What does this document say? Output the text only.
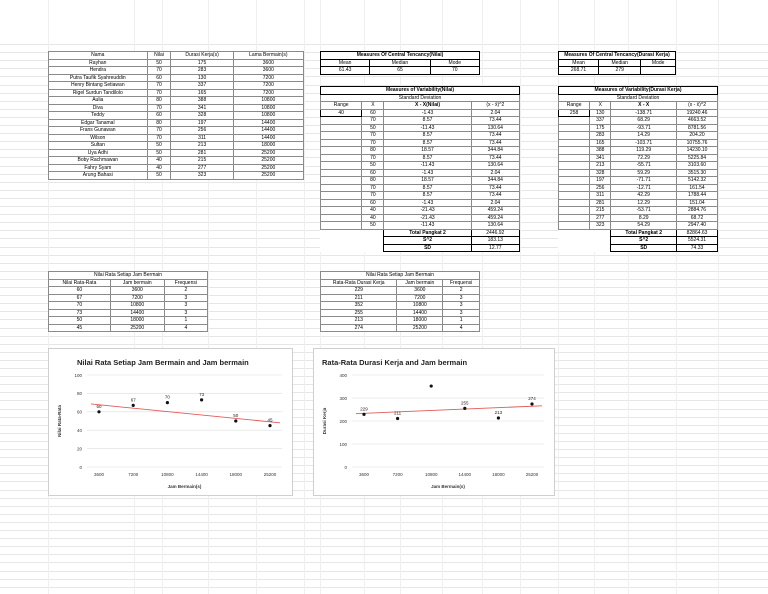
Nama	Nilai	Durasi Kerja(s)	Lama Bermain(s)
Rayhan	50	175	3600
Hendra	70	283	3600
Putra Taufik Syahreuddin	60	130	7200
Henry Bintang Setiawan	70	337	7200
Rigel Surdun Tandilolo	70	165	7200
Aulia	80	388	10800
Diva	70	341	10800
Teddy	60	328	10800
Edgar Tanamal	80	197	14400
Frans Gunawan	70	256	14400
Wilson	70	311	14400
Sultan	50	213	18000
Uya Adhi	50	281	25200
Boby Rachmawan	40	215	25200
Fahry Syam	40	277	25200
Arung Bahasi	50	323	25200
Measures Of Central Tencancy(Nilai)		
Mean	Median	Mode
61.43	65	70
Measures Of Central Tencancy(Durasi Kerja)		
Mean	Median	Mode
268.71	279	
Measures of Variability(Nilai)			
Standard Deviation			
Range	X	X - X̄(Nilai)	(x - x̄)^2
40	60	-1.43	2.04
	70	8.57	73.44
	50	-11.43	130.64
	70	8.57	73.44
	70	8.57	73.44
	80	18.57	344.84
	70	8.57	73.44
	50	-11.43	130.64
	60	-1.43	2.04
	80	18.57	344.84
	70	8.57	73.44
	70	8.57	73.44
	60	-1.43	2.04
	40	-21.43	459.24
	40	-21.43	459.24
	50	-11.43	130.64
		Total Pangkat 2	2446.92
		S^2	183.13
		SD	12.77
Measures of Variability(Durasi Kerja)			
Standard Deviation			
Range	X	X - X̄	(x - x̄)^2
258	130	-138.71	19240.46
	337	68.29	4663.52
	175	-93.71	8781.56
	283	14.29	204.20
	165	-103.71	10755.76
	388	119.29	14230.10
	341	72.29	5225.84
	213	-55.71	3103.60
	328	59.29	3515.30
	197	-71.71	5142.32
	256	-12.71	161.54
	311	42.29	1788.44
	281	12.29	151.04
	215	-53.71	2884.76
	277	8.29	68.72
	323	54.29	2947.40
		Total Pangkat 2	82864.63
		S^2	5524.31
		SD	74.33
Nilai Rata Setiap Jam Bermain		
Nilai Rata-Rata	Jam bermain	Frequensi
60	3600	2
67	7200	3
70	10800	3
73	14400	3
50	18000	1
45	25200	4
Nilai Rata Setiap Jam Bermain		
Rata-Rata Durasi Kerja	Jam bermain	Frequensi
229	3600	2
211	7200	3
352	10800	3
255	14400	3
213	18000	1
274	25200	4
Nilai Rata Setiap Jam Bermain and Jam bermain
0
20
40
60
80
100
3600	7200	10800	14400	18000	25200
Jam Bermain(s)
Nilai Rata-Rata	60
67
70
73
50
45
Rata-Rata Durasi Kerja and Jam bermain
0
100
200
300
400
3600	7200	10800	14400	18000	25200
Jam Bermain(s)
Durasi Kerja	229
211
255
213
274
